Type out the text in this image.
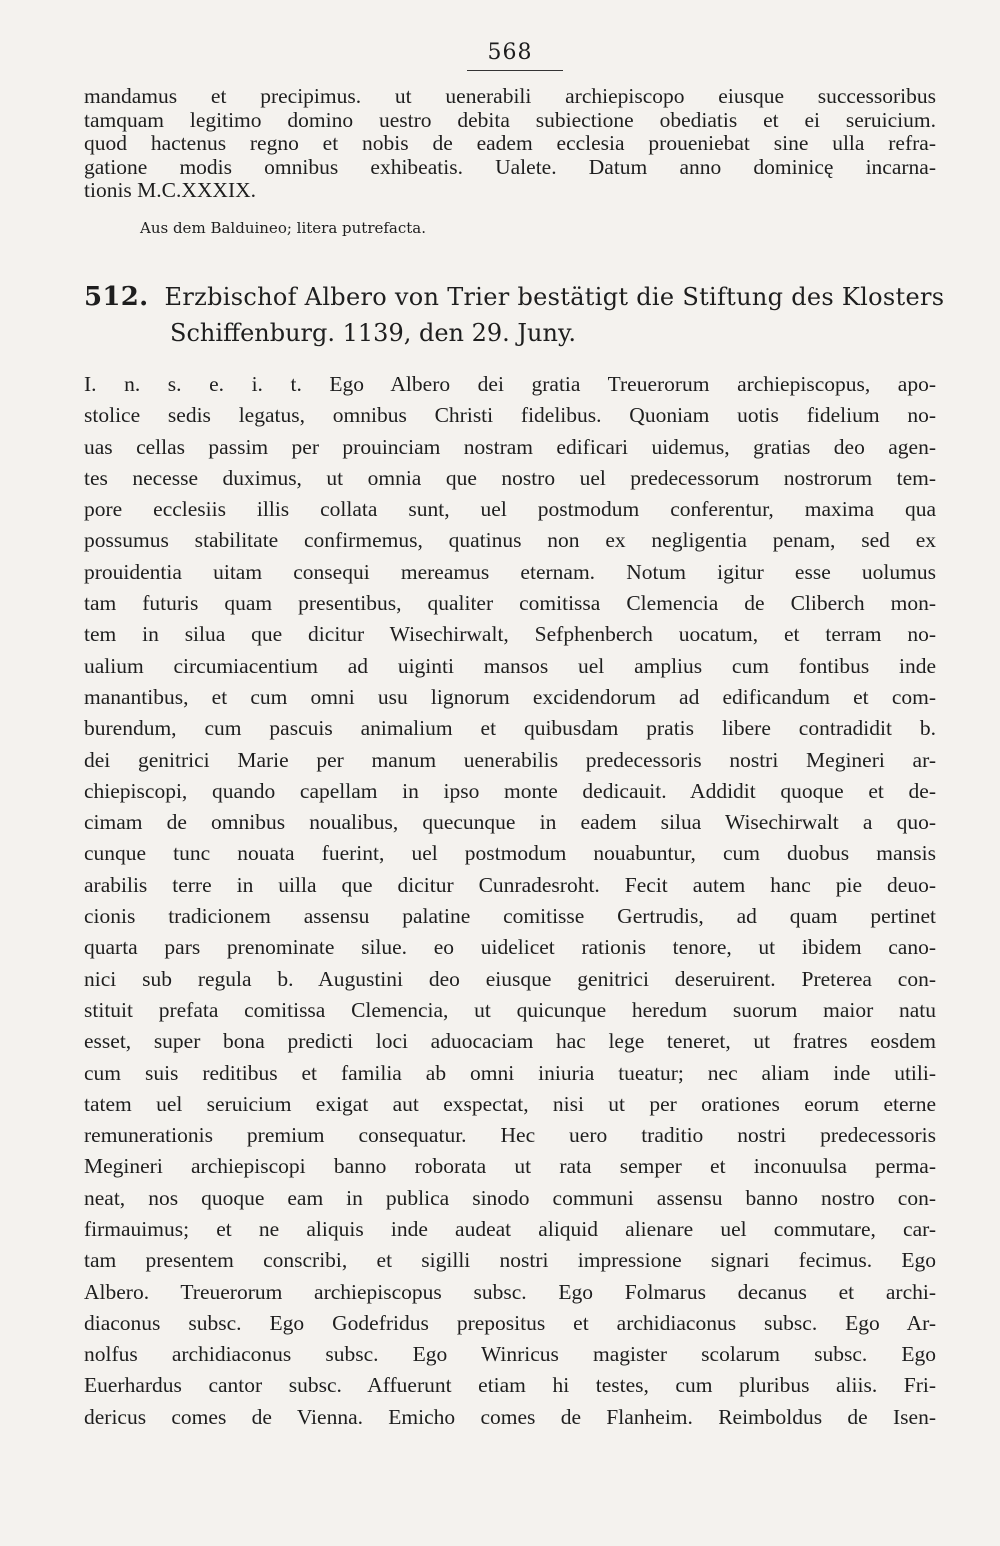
568
mandamus et precipimus. ut uenerabili archiepiscopo eiusque successoribus
tamquam legitimo domino uestro debita subiectione obediatis et ei seruicium.
quod hactenus regno et nobis de eadem ecclesia proueniebat sine ulla refra-
gatione modis omnibus exhibeatis. Ualete. Datum anno dominicę incarna-
tionis M.C.XXXIX.
Aus dem Balduineo; litera putrefacta.
512. Erzbischof Albero von Trier bestätigt die Stiftung des Klosters
Schiffenburg. 1139, den 29. Juny.
I. n. s. e. i. t. Ego Albero dei gratia Treuerorum archiepiscopus, apo-
stolice sedis legatus, omnibus Christi fidelibus. Quoniam uotis fidelium no-
uas cellas passim per prouinciam nostram edificari uidemus, gratias deo agen-
tes necesse duximus, ut omnia que nostro uel predecessorum nostrorum tem-
pore ecclesiis illis collata sunt, uel postmodum conferentur, maxima qua
possumus stabilitate confirmemus, quatinus non ex negligentia penam, sed ex
prouidentia uitam consequi mereamus eternam. Notum igitur esse uolumus
tam futuris quam presentibus, qualiter comitissa Clemencia de Cliberch mon-
tem in silua que dicitur Wisechirwalt, Sefphenberch uocatum, et terram no-
ualium circumiacentium ad uiginti mansos uel amplius cum fontibus inde
manantibus, et cum omni usu lignorum excidendorum ad edificandum et com-
burendum, cum pascuis animalium et quibusdam pratis libere contradidit b.
dei genitrici Marie per manum uenerabilis predecessoris nostri Megineri ar-
chiepiscopi, quando capellam in ipso monte dedicauit. Addidit quoque et de-
cimam de omnibus noualibus, quecunque in eadem silua Wisechirwalt a quo-
cunque tunc nouata fuerint, uel postmodum nouabuntur, cum duobus mansis
arabilis terre in uilla que dicitur Cunradesroht. Fecit autem hanc pie deuo-
cionis tradicionem assensu palatine comitisse Gertrudis, ad quam pertinet
quarta pars prenominate silue. eo uidelicet rationis tenore, ut ibidem cano-
nici sub regula b. Augustini deo eiusque genitrici deseruirent. Preterea con-
stituit prefata comitissa Clemencia, ut quicunque heredum suorum maior natu
esset, super bona predicti loci aduocaciam hac lege teneret, ut fratres eosdem
cum suis reditibus et familia ab omni iniuria tueatur; nec aliam inde utili-
tatem uel seruicium exigat aut exspectat, nisi ut per orationes eorum eterne
remunerationis premium consequatur. Hec uero traditio nostri predecessoris
Megineri archiepiscopi banno roborata ut rata semper et inconuulsa perma-
neat, nos quoque eam in publica sinodo communi assensu banno nostro con-
firmauimus; et ne aliquis inde audeat aliquid alienare uel commutare, car-
tam presentem conscribi, et sigilli nostri impressione signari fecimus. Ego
Albero. Treuerorum archiepiscopus subsc. Ego Folmarus decanus et archi-
diaconus subsc. Ego Godefridus prepositus et archidiaconus subsc. Ego Ar-
nolfus archidiaconus subsc. Ego Winricus magister scolarum subsc. Ego
Euerhardus cantor subsc. Affuerunt etiam hi testes, cum pluribus aliis. Fri-
dericus comes de Vienna. Emicho comes de Flanheim. Reimboldus de Isen-
